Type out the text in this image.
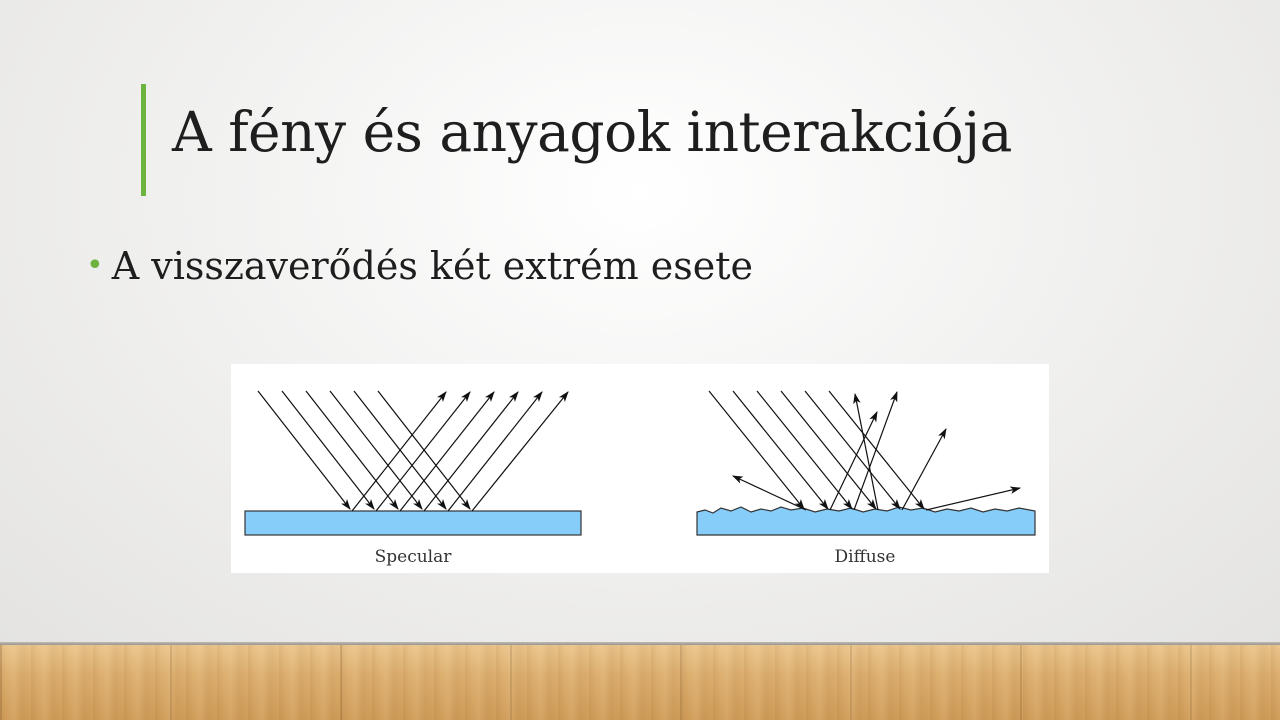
A fény és anyagok interakciója
• A visszaverődés két extrém esete
Specular	Diffuse
